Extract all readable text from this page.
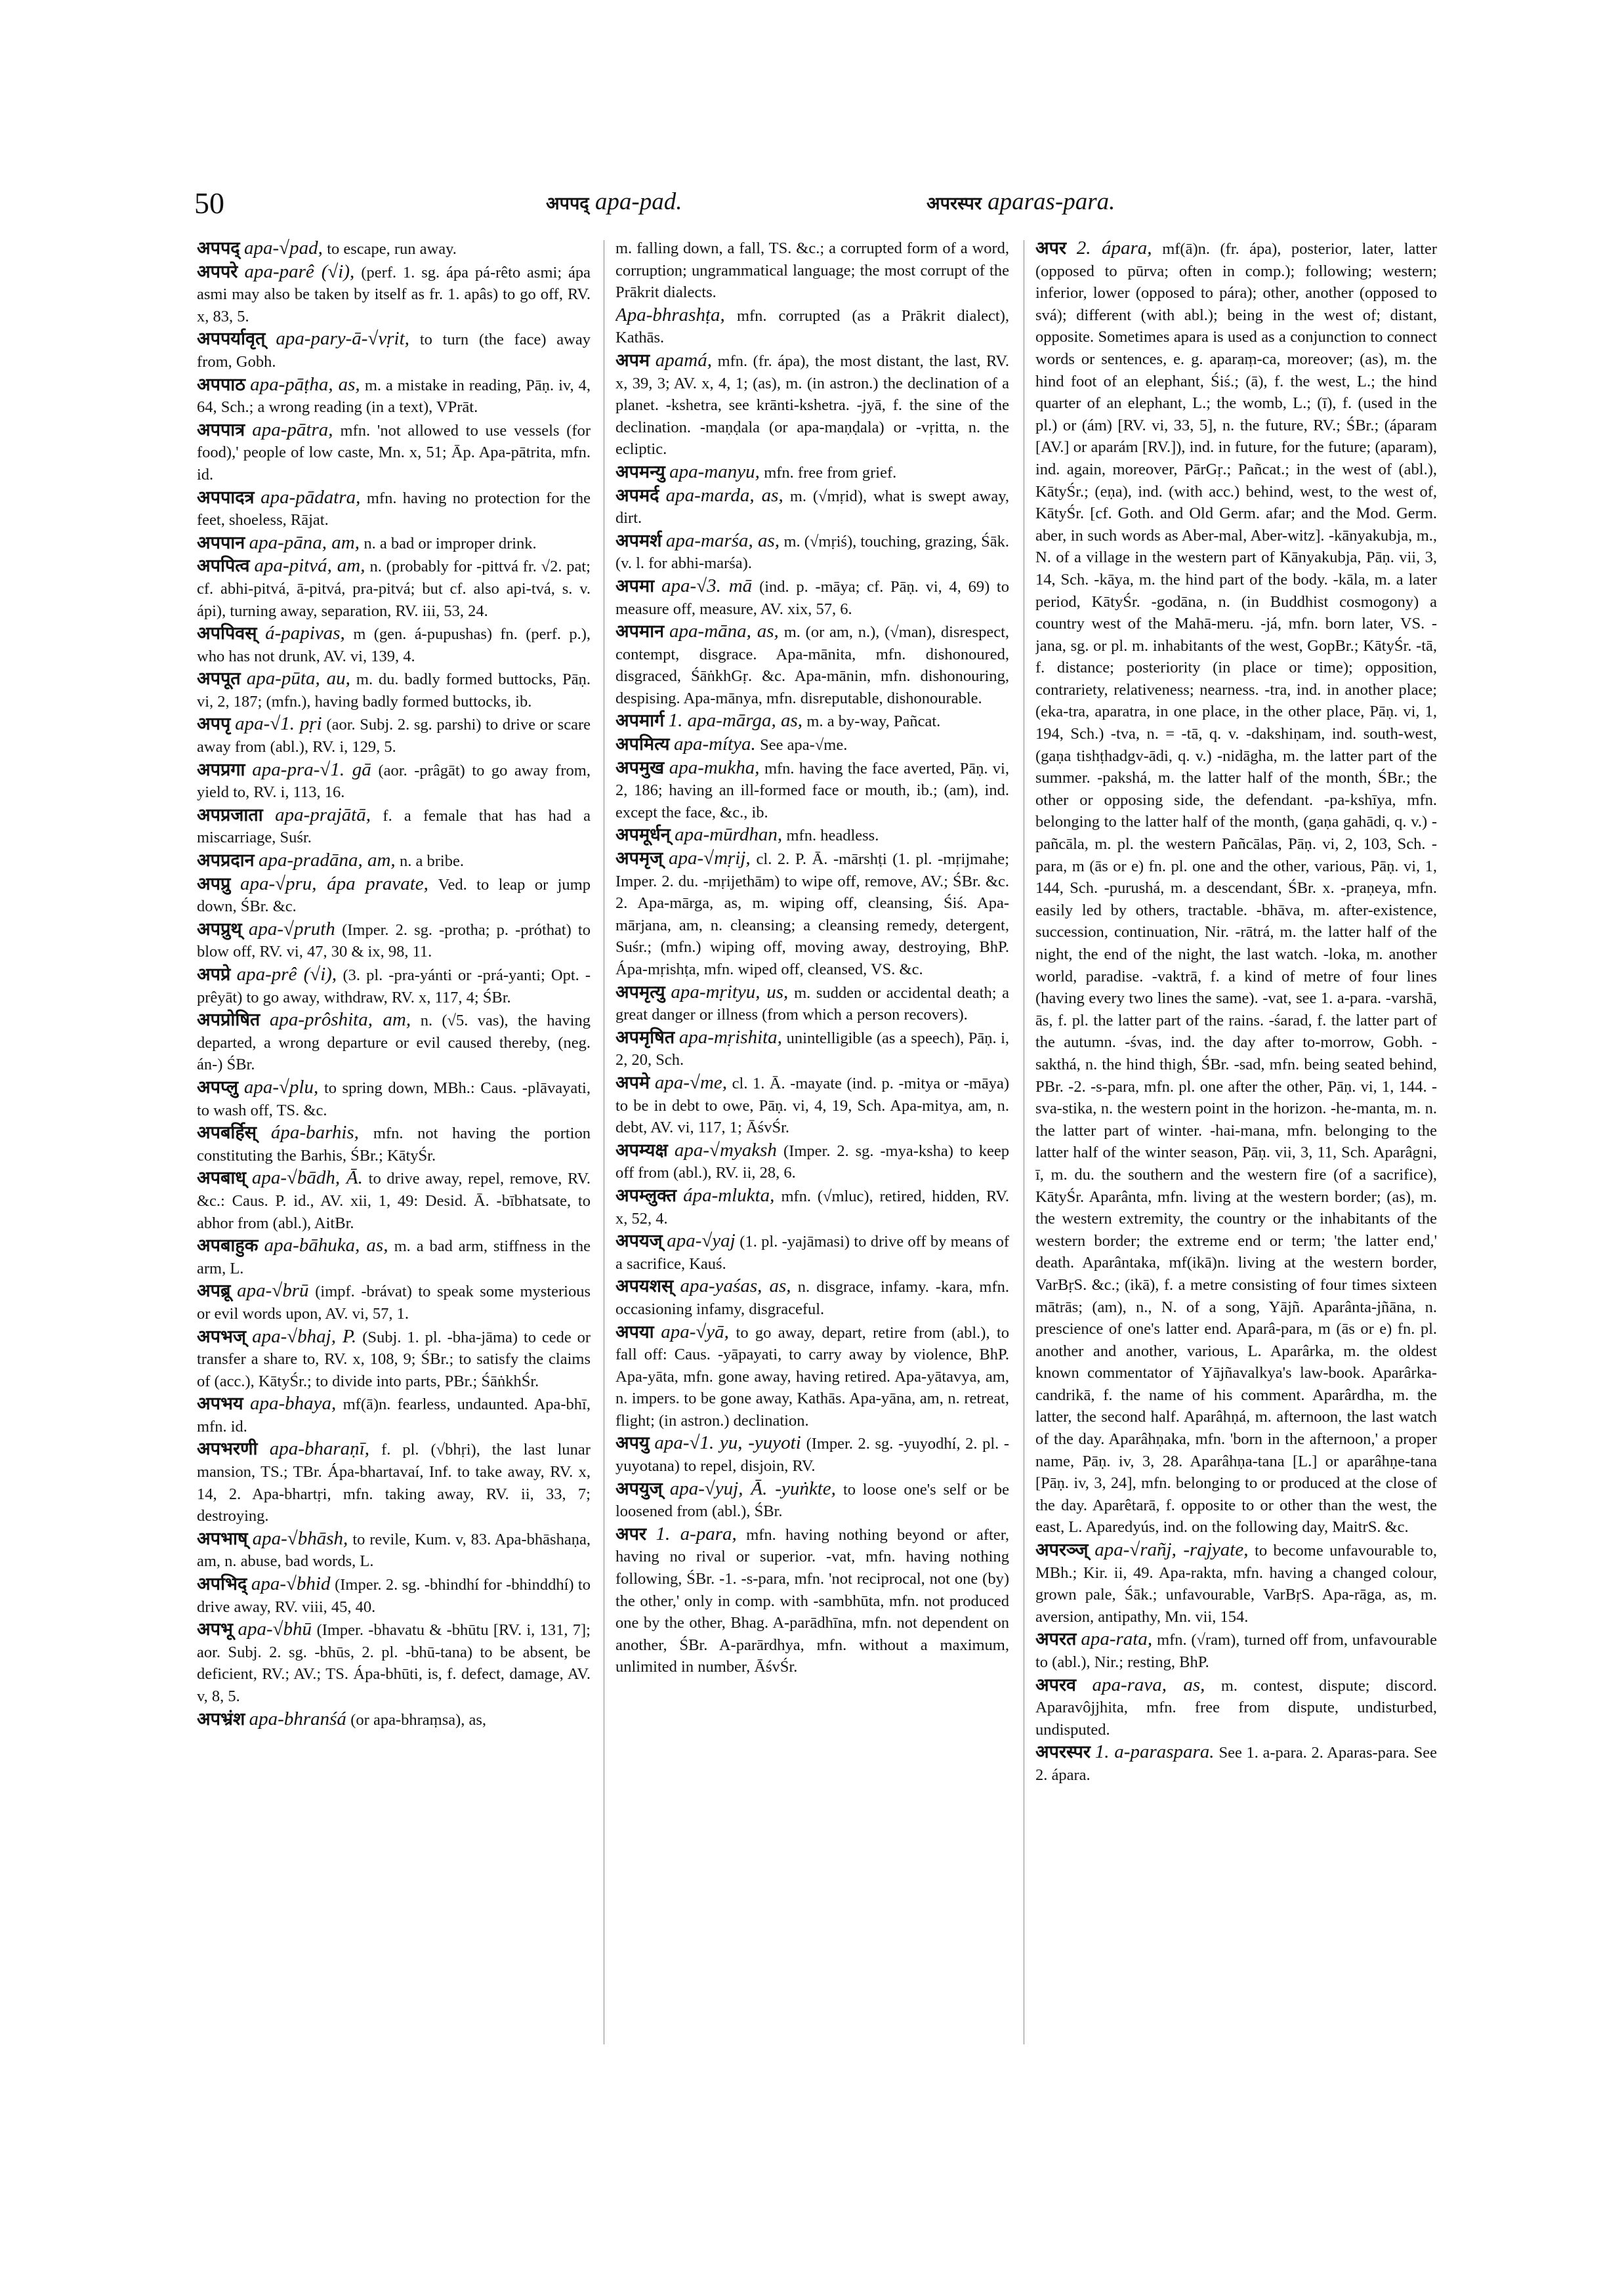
50	अपपद् apa-pad.	अपरस्पर aparas-para.
अपपद् apa-√pad, to escape, run away.
अपपरे apa-parê (√i), (perf. 1. sg. ápa pá-rêto asmi; ápa asmi may also be taken by itself as fr. 1. apâs) to go off, RV. x, 83, 5.
अपपर्यावृत् apa-pary-ā-√vṛit, to turn (the face) away from, Gobh.
अपपाठ apa-pāṭha, as, m. a mistake in reading, Pāṇ. iv, 4, 64, Sch.; a wrong reading (in a text), VPrāt.
अपपात्र apa-pātra, mfn. 'not allowed to use vessels (for food),' people of low caste, Mn. x, 51; Āp. Apa-pātrita, mfn. id.
अपपादत्र apa-pādatra, mfn. having no protection for the feet, shoeless, Rājat.
अपपान apa-pāna, am, n. a bad or improper drink.
अपपित्व apa-pitvá, am, n. (probably for -pittvá fr. √2. pat; cf. abhi-pitvá, ā-pitvá, pra-pitvá; but cf. also api-tvá, s. v. ápi), turning away, separation, RV. iii, 53, 24.
अपपिवस् á-papivas, m (gen. á-pupushas) fn. (perf. p.), who has not drunk, AV. vi, 139, 4.
अपपूत apa-pūta, au, m. du. badly formed buttocks, Pāṇ. vi, 2, 187; (mfn.), having badly formed buttocks, ib.
अपपृ apa-√1. pṛi (aor. Subj. 2. sg. parshi) to drive or scare away from (abl.), RV. i, 129, 5.
अपप्रगा apa-pra-√1. gā (aor. -prâgāt) to go away from, yield to, RV. i, 113, 16.
अपप्रजाता apa-prajātā, f. a female that has had a miscarriage, Suśr.
अपप्रदान apa-pradāna, am, n. a bribe.
अपप्रु apa-√pru, ápa pravate, Ved. to leap or jump down, ŚBr. &c.
अपप्रुथ् apa-√pruth (Imper. 2. sg. -protha; p. -próthat) to blow off, RV. vi, 47, 30 & ix, 98, 11.
अपप्रे apa-prê (√i), (3. pl. -pra-yánti or -prá-yanti; Opt. -prêyāt) to go away, withdraw, RV. x, 117, 4; ŚBr.
अपप्रोषित apa-prôshita, am, n. (√5. vas), the having departed, a wrong departure or evil caused thereby, (neg. án-) ŚBr.
अपप्लु apa-√plu, to spring down, MBh.: Caus. -plāvayati, to wash off, TS. &c.
अपबर्हिस् ápa-barhis, mfn. not having the portion constituting the Barhis, ŚBr.; KātyŚr.
अपबाध् apa-√bādh, Ā. to drive away, repel, remove, RV. &c.: Caus. P. id., AV. xii, 1, 49: Desid. Ā. -bībhatsate, to abhor from (abl.), AitBr.
अपबाहुक apa-bāhuka, as, m. a bad arm, stiffness in the arm, L.
अपब्रू apa-√brū (impf. -brávat) to speak some mysterious or evil words upon, AV. vi, 57, 1.
अपभज् apa-√bhaj, P. (Subj. 1. pl. -bha-jāma) to cede or transfer a share to, RV. x, 108, 9; ŚBr.; to satisfy the claims of (acc.), KātyŚr.; to divide into parts, PBr.; ŚāṅkhŚr.
अपभय apa-bhaya, mf(ā)n. fearless, undaunted. Apa-bhī, mfn. id.
अपभरणी apa-bharaṇī, f. pl. (√bhṛi), the last lunar mansion, TS.; TBr. Ápa-bhartavaí, Inf. to take away, RV. x, 14, 2. Apa-bhartṛi, mfn. taking away, RV. ii, 33, 7; destroying.
अपभाष् apa-√bhāsh, to revile, Kum. v, 83. Apa-bhāshaṇa, am, n. abuse, bad words, L.
अपभिद् apa-√bhid (Imper. 2. sg. -bhindhí for -bhinddhí) to drive away, RV. viii, 45, 40.
अपभू apa-√bhū (Imper. -bhavatu & -bhūtu [RV. i, 131, 7]; aor. Subj. 2. sg. -bhūs, 2. pl. -bhū-tana) to be absent, be deficient, RV.; AV.; TS. Ápa-bhūti, is, f. defect, damage, AV. v, 8, 5.
अपभ्रंश apa-bhranśá (or apa-bhraṃsa), as,
m. falling down, a fall, TS. &c.; a corrupted form of a word, corruption; ungrammatical language; the most corrupt of the Prākrit dialects.
Apa-bhrashṭa, mfn. corrupted (as a Prākrit dialect), Kathās.
अपम apamá, mfn. (fr. ápa), the most distant, the last, RV. x, 39, 3; AV. x, 4, 1; (as), m. (in astron.) the declination of a planet. -kshetra, see krānti-kshetra. -jyā, f. the sine of the declination. -maṇḍala (or apa-maṇḍala) or -vṛitta, n. the ecliptic.
अपमन्यु apa-manyu, mfn. free from grief.
अपमर्द apa-marda, as, m. (√mṛid), what is swept away, dirt.
अपमर्श apa-marśa, as, m. (√mṛiś), touching, grazing, Śāk. (v. l. for abhi-marśa).
अपमा apa-√3. mā (ind. p. -māya; cf. Pāṇ. vi, 4, 69) to measure off, measure, AV. xix, 57, 6.
अपमान apa-māna, as, m. (or am, n.), (√man), disrespect, contempt, disgrace. Apa-mānita, mfn. dishonoured, disgraced, ŚāṅkhGṛ. &c. Apa-mānin, mfn. dishonouring, despising. Apa-mānya, mfn. disreputable, dishonourable.
अपमार्ग 1. apa-mārga, as, m. a by-way, Pañcat.
अपमित्य apa-mítya. See apa-√me.
अपमुख apa-mukha, mfn. having the face averted, Pāṇ. vi, 2, 186; having an ill-formed face or mouth, ib.; (am), ind. except the face, &c., ib.
अपमूर्धन् apa-mūrdhan, mfn. headless.
अपमृज् apa-√mṛij, cl. 2. P. Ā. -mārshṭi (1. pl. -mṛijmahe; Imper. 2. du. -mṛijethām) to wipe off, remove, AV.; ŚBr. &c. 2. Apa-mārga, as, m. wiping off, cleansing, Śiś. Apa-mārjana, am, n. cleansing; a cleansing remedy, detergent, Suśr.; (mfn.) wiping off, moving away, destroying, BhP. Ápa-mṛishṭa, mfn. wiped off, cleansed, VS. &c.
अपमृत्यु apa-mṛityu, us, m. sudden or accidental death; a great danger or illness (from which a person recovers).
अपमृषित apa-mṛishita, unintelligible (as a speech), Pāṇ. i, 2, 20, Sch.
अपमे apa-√me, cl. 1. Ā. -mayate (ind. p. -mitya or -māya) to be in debt to owe, Pāṇ. vi, 4, 19, Sch. Apa-mitya, am, n. debt, AV. vi, 117, 1; ĀśvŚr.
अपम्यक्ष apa-√myaksh (Imper. 2. sg. -mya-ksha) to keep off from (abl.), RV. ii, 28, 6.
अपम्लुक्त ápa-mlukta, mfn. (√mluc), retired, hidden, RV. x, 52, 4.
अपयज् apa-√yaj (1. pl. -yajāmasi) to drive off by means of a sacrifice, Kauś.
अपयशस् apa-yaśas, as, n. disgrace, infamy. -kara, mfn. occasioning infamy, disgraceful.
अपया apa-√yā, to go away, depart, retire from (abl.), to fall off: Caus. -yāpayati, to carry away by violence, BhP. Apa-yāta, mfn. gone away, having retired. Apa-yātavya, am, n. impers. to be gone away, Kathās. Apa-yāna, am, n. retreat, flight; (in astron.) declination.
अपयु apa-√1. yu, -yuyoti (Imper. 2. sg. -yuyodhí, 2. pl. -yuyotana) to repel, disjoin, RV.
अपयुज् apa-√yuj, Ā. -yuṅkte, to loose one's self or be loosened from (abl.), ŚBr.
अपर 1. a-para, mfn. having nothing beyond or after, having no rival or superior. -vat, mfn. having nothing following, ŚBr. -1. -s-para, mfn. 'not reciprocal, not one (by) the other,' only in comp. with -sambhūta, mfn. not produced one by the other, Bhag. A-parādhīna, mfn. not dependent on another, ŚBr. A-parārdhya, mfn. without a maximum, unlimited in number, ĀśvŚr.
अपर 2. ápara, mf(ā)n. (fr. ápa), posterior, later, latter (opposed to pūrva; often in comp.); following; western; inferior, lower (opposed to pára); other, another (opposed to svá); different (with abl.); being in the west of; distant, opposite. Sometimes apara is used as a conjunction to connect words or sentences, e. g. aparaṃ-ca, moreover; (as), m. the hind foot of an elephant, Śiś.; (ā), f. the west, L.; the hind quarter of an elephant, L.; the womb, L.; (ī), f. (used in the pl.) or (ám) [RV. vi, 33, 5], n. the future, RV.; ŚBr.; (áparam [AV.] or aparám [RV.]), ind. in future, for the future; (aparam), ind. again, moreover, PārGṛ.; Pañcat.; in the west of (abl.), KātyŚr.; (eṇa), ind. (with acc.) behind, west, to the west of, KātyŚr. [cf. Goth. and Old Germ. afar; and the Mod. Germ. aber, in such words as Aber-mal, Aber-witz]. -kānyakubja, m., N. of a village in the western part of Kānyakubja, Pāṇ. vii, 3, 14, Sch. -kāya, m. the hind part of the body. -kāla, m. a later period, KātyŚr. -godāna, n. (in Buddhist cosmogony) a country west of the Mahā-meru. -já, mfn. born later, VS. -jana, sg. or pl. m. inhabitants of the west, GopBr.; KātyŚr. -tā, f. distance; posteriority (in place or time); opposition, contrariety, relativeness; nearness. -tra, ind. in another place; (eka-tra, aparatra, in one place, in the other place, Pāṇ. vi, 1, 194, Sch.) -tva, n. = -tā, q. v. -dakshiṇam, ind. south-west, (gaṇa tishṭhadgv-ādi, q. v.) -nidāgha, m. the latter part of the summer. -pakshá, m. the latter half of the month, ŚBr.; the other or opposing side, the defendant. -pa-kshīya, mfn. belonging to the latter half of the month, (gaṇa gahādi, q. v.) -pañcāla, m. pl. the western Pañcālas, Pāṇ. vi, 2, 103, Sch. -para, m (ās or e) fn. pl. one and the other, various, Pāṇ. vi, 1, 144, Sch. -purushá, m. a descendant, ŚBr. x. -praṇeya, mfn. easily led by others, tractable. -bhāva, m. after-existence, succession, continuation, Nir. -rātrá, m. the latter half of the night, the end of the night, the last watch. -loka, m. another world, paradise. -vaktrā, f. a kind of metre of four lines (having every two lines the same). -vat, see 1. a-para. -varshā, ās, f. pl. the latter part of the rains. -śarad, f. the latter part of the autumn. -śvas, ind. the day after to-morrow, Gobh. -sakthá, n. the hind thigh, ŚBr. -sad, mfn. being seated behind, PBr. -2. -s-para, mfn. pl. one after the other, Pāṇ. vi, 1, 144. -sva-stika, n. the western point in the horizon. -he-manta, m. n. the latter part of winter. -hai-mana, mfn. belonging to the latter half of the winter season, Pāṇ. vii, 3, 11, Sch. Aparâgni, ī, m. du. the southern and the western fire (of a sacrifice), KātyŚr. Aparânta, mfn. living at the western border; (as), m. the western extremity, the country or the inhabitants of the western border; the extreme end or term; 'the latter end,' death. Aparântaka, mf(ikā)n. living at the western border, VarBṛS. &c.; (ikā), f. a metre consisting of four times sixteen mātrās; (am), n., N. of a song, Yājñ. Aparânta-jñāna, n. prescience of one's latter end. Aparâ-para, m (ās or e) fn. pl. another and another, various, L. Aparârka, m. the oldest known commentator of Yājñavalkya's law-book. Aparârka-candrikā, f. the name of his comment. Aparârdha, m. the latter, the second half. Aparâhṇá, m. afternoon, the last watch of the day. Aparâhṇaka, mfn. 'born in the afternoon,' a proper name, Pāṇ. iv, 3, 28. Aparâhṇa-tana [L.] or aparâhṇe-tana [Pāṇ. iv, 3, 24], mfn. belonging to or produced at the close of the day. Aparêtarā, f. opposite to or other than the west, the east, L. Aparedyús, ind. on the following day, MaitrS. &c.
अपरञ्ज् apa-√rañj, -rajyate, to become unfavourable to, MBh.; Kir. ii, 49. Apa-rakta, mfn. having a changed colour, grown pale, Śāk.; unfavourable, VarBṛS. Apa-rāga, as, m. aversion, antipathy, Mn. vii, 154.
अपरत apa-rata, mfn. (√ram), turned off from, unfavourable to (abl.), Nir.; resting, BhP.
अपरव apa-rava, as, m. contest, dispute; discord. Aparavôjjhita, mfn. free from dispute, undisturbed, undisputed.
अपरस्पर 1. a-paraspara. See 1. a-para. 2. Aparas-para. See 2. ápara.
